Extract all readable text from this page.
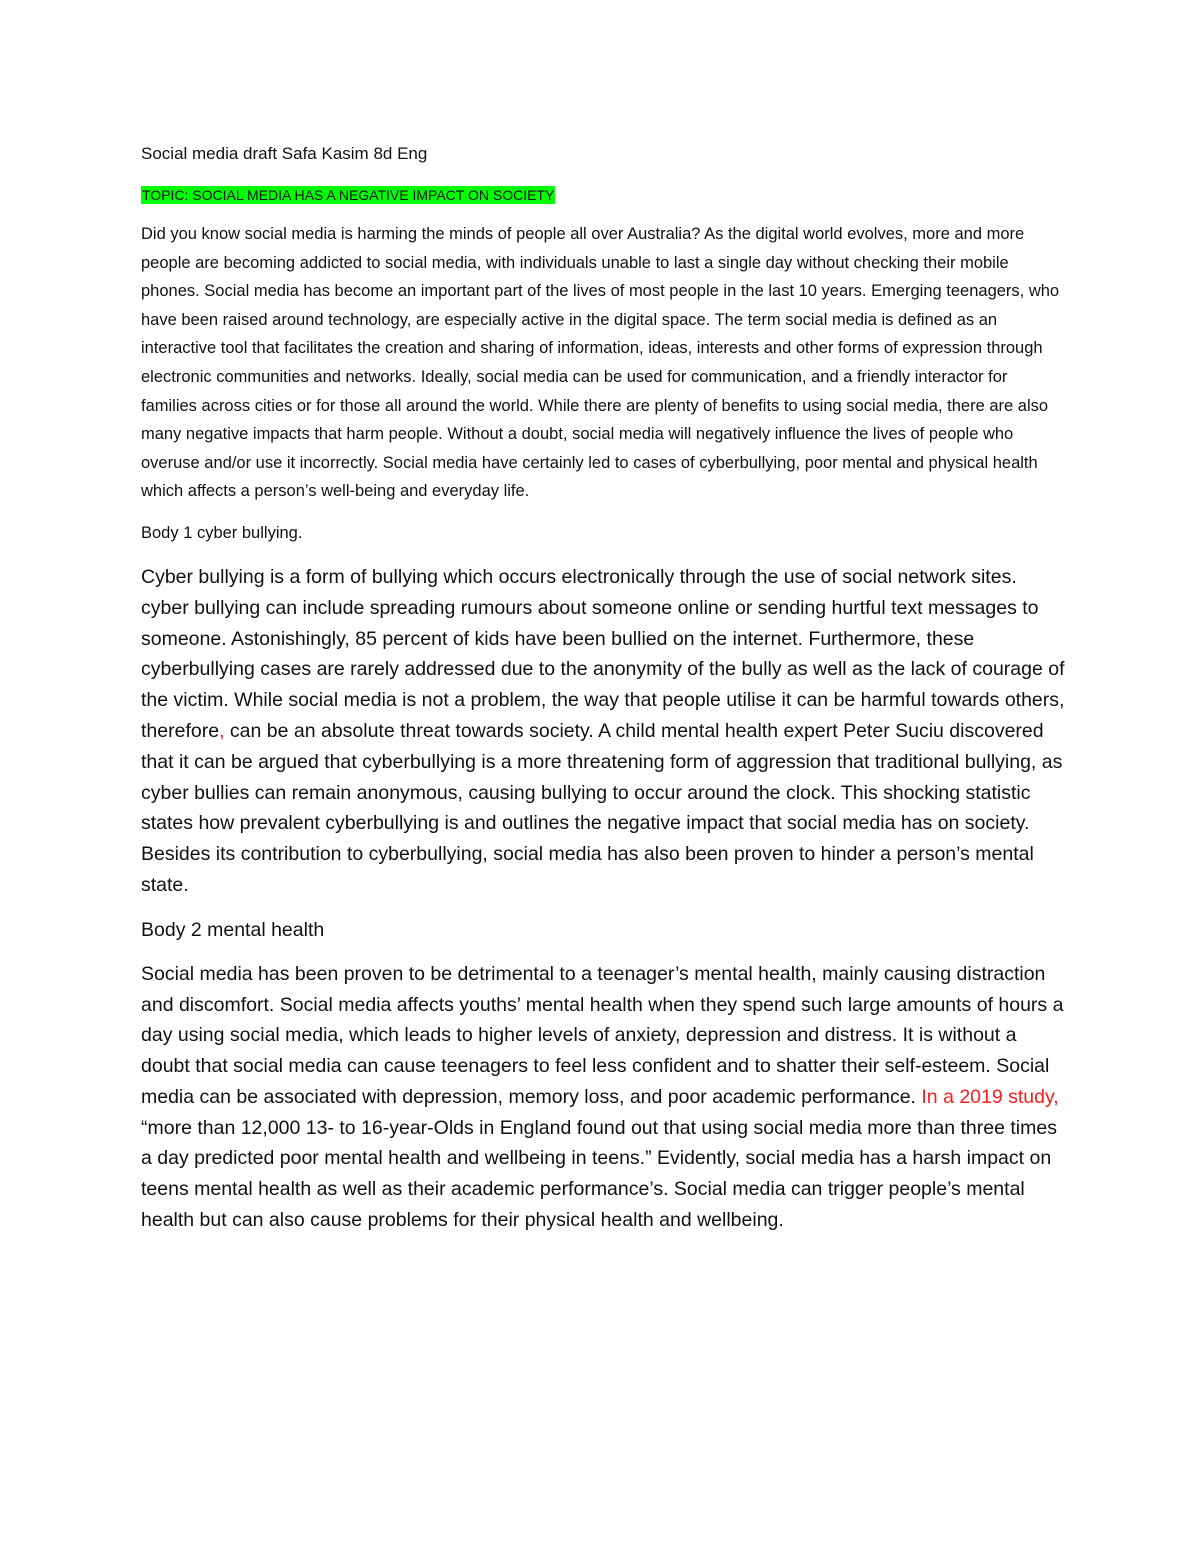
Social media draft Safa Kasim 8d Eng

TOPIC: SOCIAL MEDIA HAS A NEGATIVE IMPACT ON SOCIETY

Did you know social media is harming the minds of people all over Australia? As the digital world evolves, more and more people are becoming addicted to social media, with individuals unable to last a single day without checking their mobile phones. Social media has become an important part of the lives of most people in the last 10 years. Emerging teenagers, who have been raised around technology, are especially active in the digital space. The term social media is defined as an interactive tool that facilitates the creation and sharing of information, ideas, interests and other forms of expression through electronic communities and networks. Ideally, social media can be used for communication, and a friendly interactor for families across cities or for those all around the world. While there are plenty of benefits to using social media, there are also many negative impacts that harm people. Without a doubt, social media will negatively influence the lives of people who overuse and/or use it incorrectly. Social media have certainly led to cases of cyberbullying, poor mental and physical health which affects a person’s well-being and everyday life.

Body 1 cyber bullying.

Cyber bullying is a form of bullying which occurs electronically through the use of social network sites. cyber bullying can include spreading rumours about someone online or sending hurtful text messages to someone. Astonishingly, 85 percent of kids have been bullied on the internet. Furthermore, these cyberbullying cases are rarely addressed due to the anonymity of the bully as well as the lack of courage of the victim. While social media is not a problem, the way that people utilise it can be harmful towards others, therefore, can be an absolute threat towards society. A child mental health expert Peter Suciu discovered that it can be argued that cyberbullying is a more threatening form of aggression that traditional bullying, as cyber bullies can remain anonymous, causing bullying to occur around the clock. This shocking statistic states how prevalent cyberbullying is and outlines the negative impact that social media has on society. Besides its contribution to cyberbullying, social media has also been proven to hinder a person’s mental state.

Body 2 mental health

Social media has been proven to be detrimental to a teenager’s mental health, mainly causing distraction and discomfort. Social media affects youths’ mental health when they spend such large amounts of hours a day using social media, which leads to higher levels of anxiety, depression and distress. It is without a doubt that social media can cause teenagers to feel less confident and to shatter their self-esteem. Social media can be associated with depression, memory loss, and poor academic performance. In a 2019 study, “more than 12,000 13- to 16-year-Olds in England found out that using social media more than three times a day predicted poor mental health and wellbeing in teens.” Evidently, social media has a harsh impact on teens mental health as well as their academic performance’s. Social media can trigger people’s mental health but can also cause problems for their physical health and wellbeing.
